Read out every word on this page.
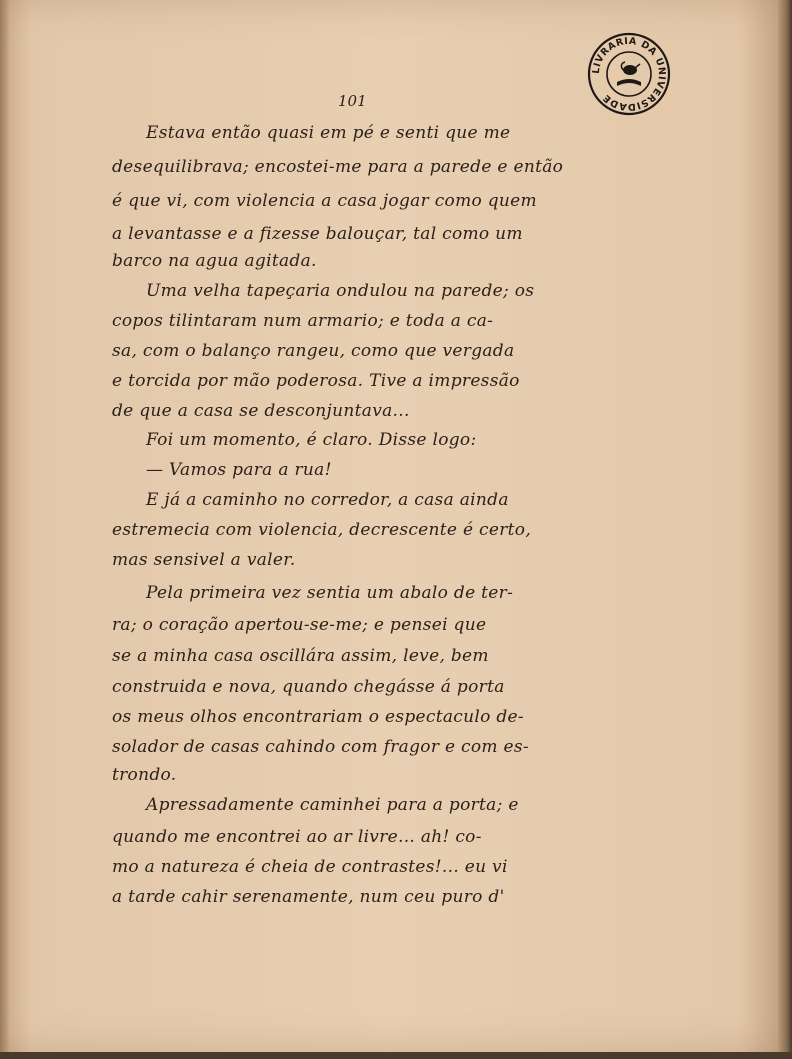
LIVRARIA DA UNIVERSIDADE
101
Estava então quasi em pé e senti que me
desequilibrava; encostei-me para a parede e então
é que vi, com violencia a casa jogar como quem
a levantasse e a fizesse balouçar, tal como um
barco na agua agitada.
Uma velha tapeçaria ondulou na parede; os
copos tilintaram num armario; e toda a ca-
sa, com o balanço rangeu, como que vergada
e torcida por mão poderosa. Tive a impressão
de que a casa se desconjuntava...
Foi um momento, é claro. Disse logo:
— Vamos para a rua!
E já a caminho no corredor, a casa ainda
estremecia com violencia, decrescente é certo,
mas sensivel a valer.
Pela primeira vez sentia um abalo de ter-
ra; o coração apertou-se-me; e pensei que
se a minha casa oscillára assim, leve, bem
construida e nova, quando chegásse á porta
os meus olhos encontrariam o espectaculo de-
solador de casas cahindo com fragor e com es-
trondo.
Apressadamente caminhei para a porta; e
quando me encontrei ao ar livre... ah! co-
mo a natureza é cheia de contrastes!... eu vi
a tarde cahir serenamente, num ceu puro d'
